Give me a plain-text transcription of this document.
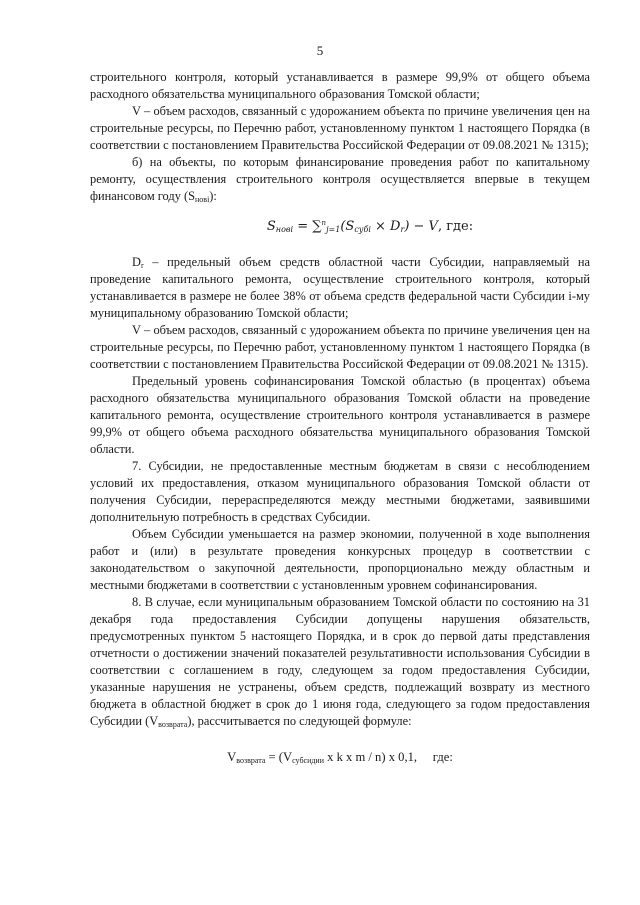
5

строительного контроля, который устанавливается в размере 99,9% от общего объема расходного обязательства муниципального образования Томской области;

V – объем расходов, связанный с удорожанием объекта по причине увеличения цен на строительные ресурсы, по Перечню работ, установленному пунктом 1 настоящего Порядка (в соответствии с постановлением Правительства Российской Федерации от 09.08.2021 № 1315);

б) на объекты, по которым финансирование проведения работ по капитальному ремонту, осуществления строительного контроля осуществляется впервые в текущем финансовом году $(S_{нові})$:

$S_{нові} = \sum^n_{j=1}(S_{субі} \times D_r) - V$, где:

$D_r$ – предельный объем средств областной части Субсидии, направляемый на проведение капитального ремонта, осуществление строительного контроля, который устанавливается в размере не более 38% от объема средств федеральной части Субсидии i-му муниципальному образованию Томской области;

V – объем расходов, связанный с удорожанием объекта по причине увеличения цен на строительные ресурсы, по Перечню работ, установленному пунктом 1 настоящего Порядка (в соответствии с постановлением Правительства Российской Федерации от 09.08.2021 № 1315).

Предельный уровень софинансирования Томской областью (в процентах) объема расходного обязательства муниципального образования Томской области на проведение капитального ремонта, осуществление строительного контроля устанавливается в размере 99,9% от общего объема расходного обязательства муниципального образования Томской области.

7. Субсидии, не предоставленные местным бюджетам в связи с несоблюдением условий их предоставления, отказом муниципального образования Томской области от получения Субсидии, перераспределяются между местными бюджетами, заявившими дополнительную потребность в средствах Субсидии.

Объем Субсидии уменьшается на размер экономии, полученной в ходе выполнения работ и (или) в результате проведения конкурсных процедур в соответствии с законодательством о закупочной деятельности, пропорционально между областным и местными бюджетами в соответствии с установленным уровнем софинансирования.

8. В случае, если муниципальным образованием Томской области по состоянию на 31 декабря года предоставления Субсидии допущены нарушения обязательств, предусмотренных пунктом 5 настоящего Порядка, и в срок до первой даты представления отчетности о достижении значений показателей результативности использования Субсидии в соответствии с соглашением в году, следующем за годом предоставления Субсидии, указанные нарушения не устранены, объем средств, подлежащий возврату из местного бюджета в областной бюджет в срок до 1 июня года, следующего за годом предоставления Субсидии $(V_{возврата})$, рассчитывается по следующей формуле:

$V_{возврата} = (V_{субсидии}$ x k x m / n) x 0,1, где:
